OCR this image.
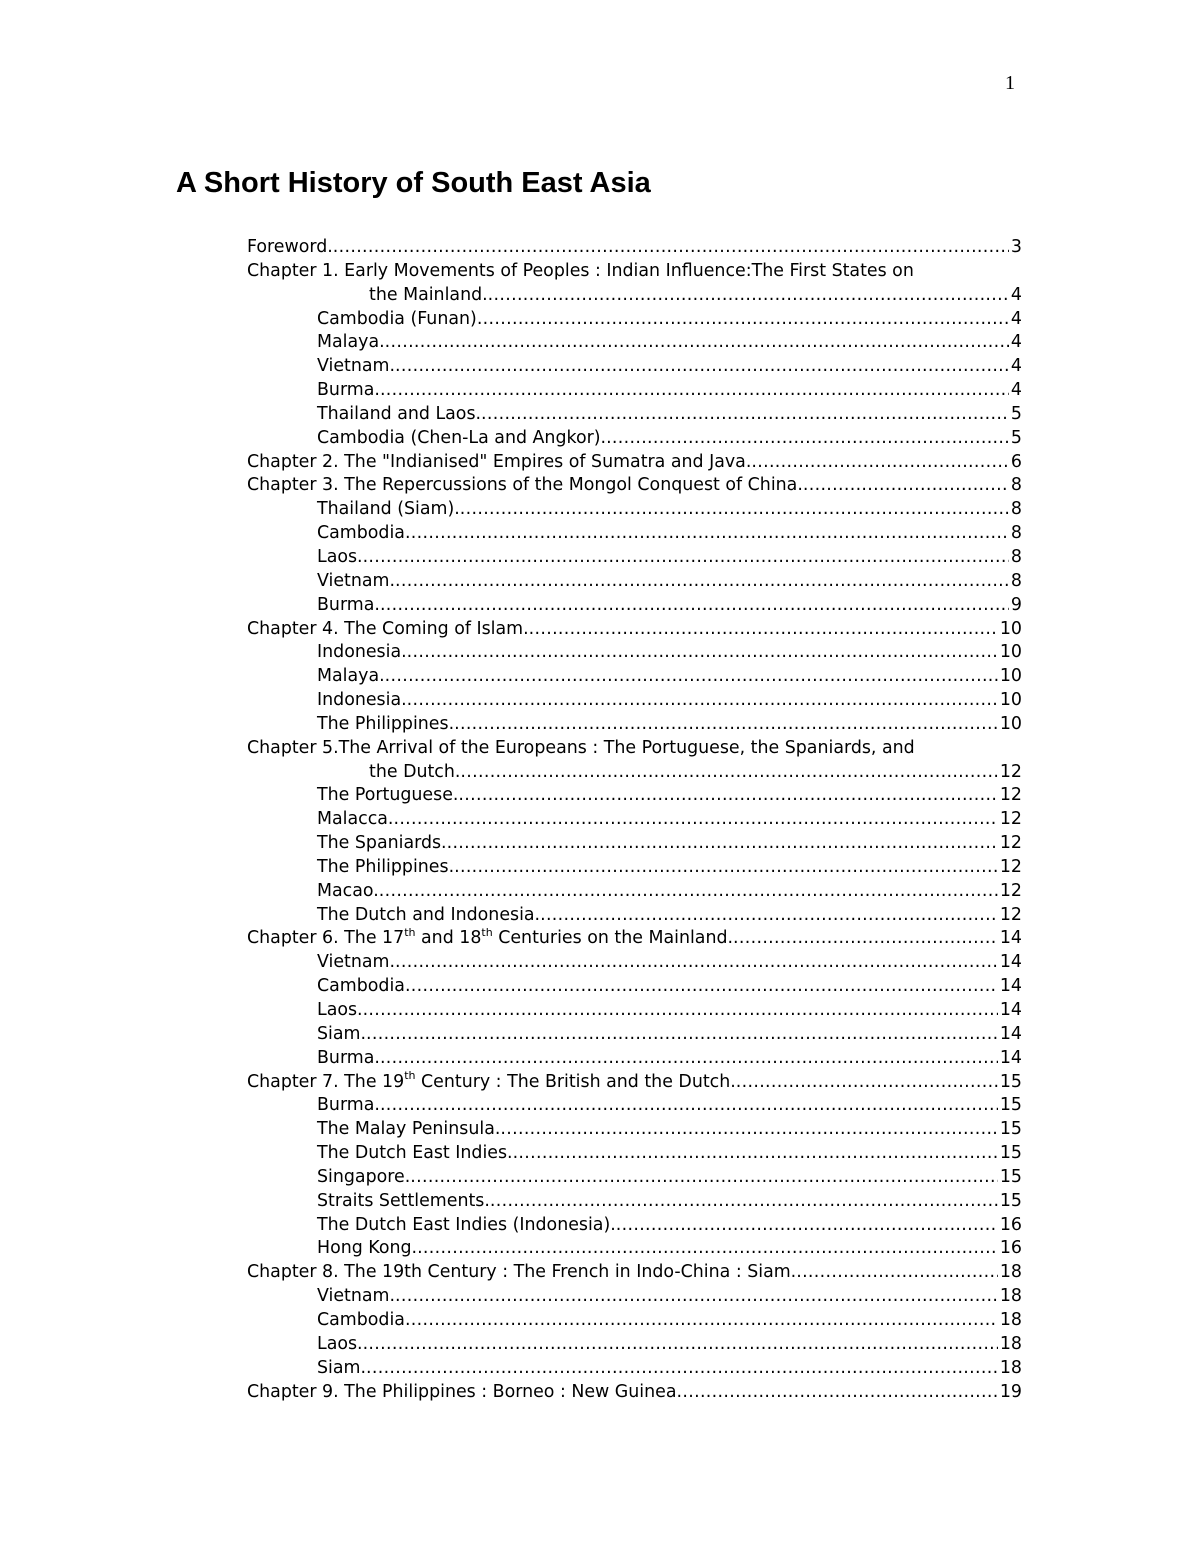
1
A Short History of South East Asia
Foreword. . . .	3
Chapter 1. Early Movements of Peoples : Indian Influence:The First States on
the Mainland. . . .	4
Cambodia (Funan) . . .	4
Malaya. . . .	4
Vietnam. . . .	4
Burma. . . .	4
Thailand and Laos. . . .	5
Cambodia (Chen-La and Angkor). . . .	5
Chapter 2. The "Indianised" Empires of Sumatra and Java. . . .	6
Chapter 3. The Repercussions of the Mongol Conquest of China. . . .	8
Thailand (Siam). . . .	8
Cambodia . . .	8
Laos. . . .	8
Vietnam. . . .	8
Burma. . . .	9
Chapter 4. The Coming of Islam. . . .	10
Indonesia. . . .	10
Malaya. . . .	10
Indonesia. . . .	10
The Philippines. . . .	10
Chapter 5.The Arrival of the Europeans : The Portuguese, the Spaniards, and
the Dutch. . . .	12
The Portuguese. . . .	12
Malacca. . . .	12
The Spaniards. . . .	12
The Philippines. . . .	12
Macao. . . .	12
The Dutch and Indonesia. . . .	12
Chapter 6. The 17th and 18th Centuries on the Mainland. . . .	14
Vietnam. . . .	14
Cambodia . . .	14
Laos. . . .	14
Siam. . . .	14
Burma. . . .	14
Chapter 7. The 19th Century : The British and the Dutch. . . .	15
Burma. . . .	15
The Malay Peninsula. . . .	15
The Dutch East Indies. . . .	15
Singapore. . . .	15
Straits Settlements. . . .	15
The Dutch East Indies (Indonesia). . . .	16
Hong Kong. . . .	16
Chapter 8. The 19th Century : The French in Indo-China : Siam. . . .	18
Vietnam. . . .	18
Cambodia . . .	18
Laos. . . .	18
Siam. . . .	18
Chapter 9. The Philippines : Borneo : New Guinea . . .	19
